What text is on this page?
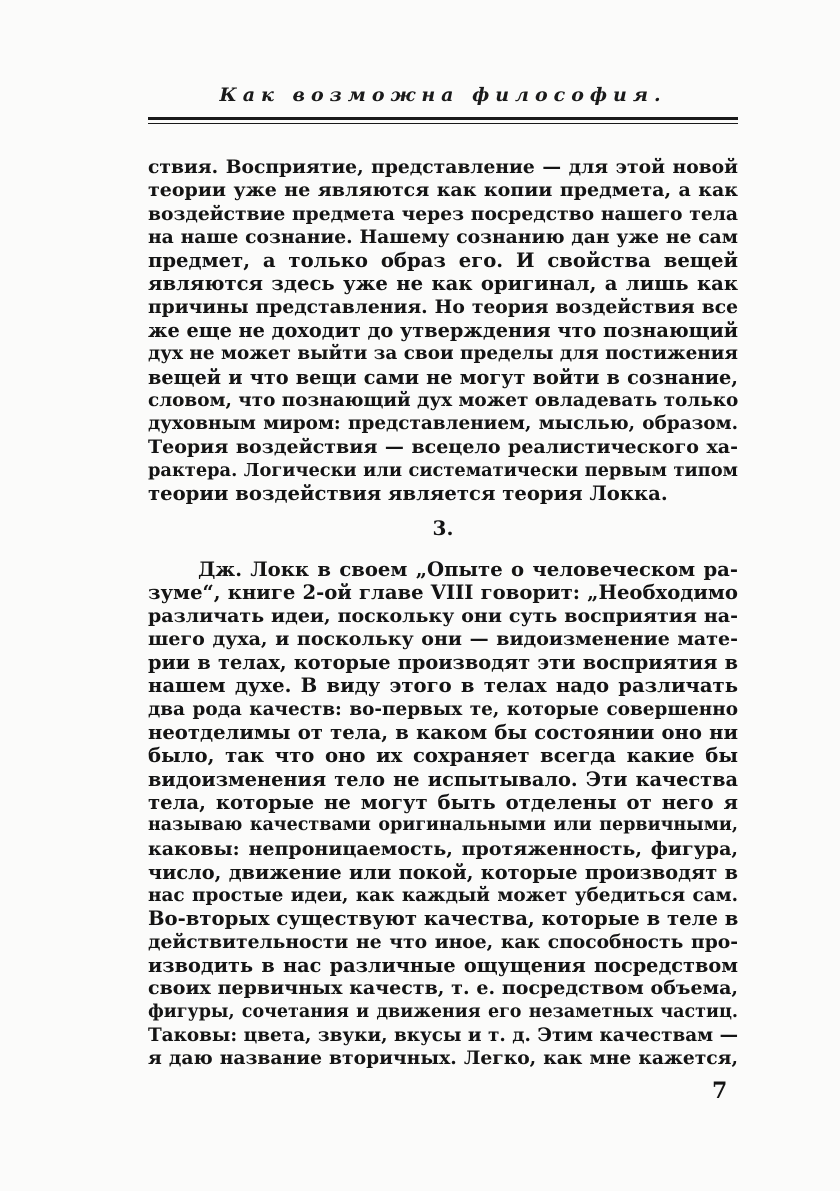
Как возможна философия.
ствия. Восприятие, представление — для этой новой
теории уже не являются как копии предмета, а как
воздействие предмета через посредство нашего тела
на наше сознание. Нашему сознанию дан уже не сам
предмет, а только образ его. И свойства вещей
являются здесь уже не как оригинал, а лишь как
причины представления. Но теория воздействия все
же еще не доходит до утверждения что познающий
дух не может выйти за свои пределы для постижения
вещей и что вещи сами не могут войти в сознание,
словом, что познающий дух может овладевать только
духовным миром: представлением, мыслью, образом.
Теория воздействия — всецело реалистического ха-
рактера. Логически или систематически первым типом
теории воздействия является теория Локка.
3.
Дж. Локк в своем „Опыте о человеческом ра-
зуме“, книге 2-ой главе VIII говорит: „Необходимо
различать идеи, поскольку они суть восприятия на-
шего духа, и поскольку они — видоизменение мате-
рии в телах, которые производят эти восприятия в
нашем духе. В виду этого в телах надо различать
два рода качеств: во-первых те, которые совершенно
неотделимы от тела, в каком бы состоянии оно ни
было, так что оно их сохраняет всегда какие бы
видоизменения тело не испытывало. Эти качества
тела, которые не могут быть отделены от него я
называю качествами оригинальными или первичными,
каковы: непроницаемость, протяженность, фигура,
число, движение или покой, которые производят в
нас простые идеи, как каждый может убедиться сам.
Во-вторых существуют качества, которые в теле в
действительности не что иное, как способность про-
изводить в нас различные ощущения посредством
своих первичных качеств, т. е. посредством объема,
фигуры, сочетания и движения его незаметных частиц.
Таковы: цвета, звуки, вкусы и т. д. Этим качествам —
я даю название вторичных. Легко, как мне кажется,
7
